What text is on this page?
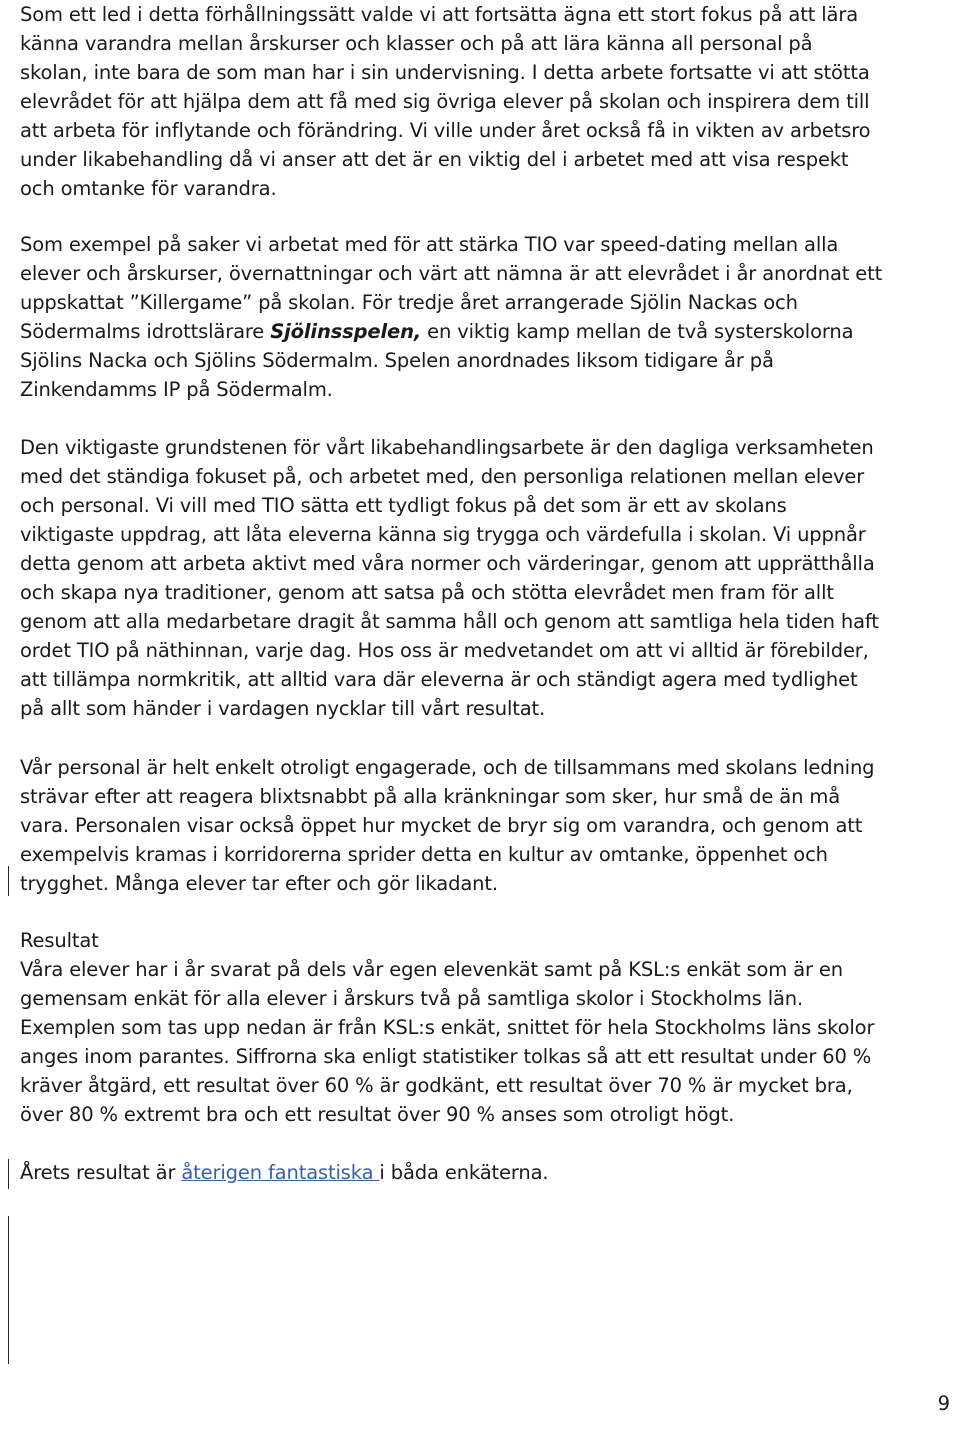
Som ett led i detta förhållningssätt valde vi att fortsätta ägna ett stort fokus på att lära
känna varandra mellan årskurser och klasser och på att lära känna all personal på
skolan, inte bara de som man har i sin undervisning. I detta arbete fortsatte vi att stötta
elevrådet för att hjälpa dem att få med sig övriga elever på skolan och inspirera dem till
att arbeta för inflytande och förändring. Vi ville under året också få in vikten av arbetsro
under likabehandling då vi anser att det är en viktig del i arbetet med att visa respekt
och omtanke för varandra.

Som exempel på saker vi arbetat med för att stärka TIO var speed-dating mellan alla
elever och årskurser, övernattningar och värt att nämna är att elevrådet i år anordnat ett
uppskattat ”Killergame” på skolan. För tredje året arrangerade Sjölin Nackas och
Södermalms idrottslärare Sjölinsspelen, en viktig kamp mellan de två systerskolorna
Sjölins Nacka och Sjölins Södermalm. Spelen anordnades liksom tidigare år på
Zinkendamms IP på Södermalm.

Den viktigaste grundstenen för vårt likabehandlingsarbete är den dagliga verksamheten
med det ständiga fokuset på, och arbetet med, den personliga relationen mellan elever
och personal. Vi vill med TIO sätta ett tydligt fokus på det som är ett av skolans
viktigaste uppdrag, att låta eleverna känna sig trygga och värdefulla i skolan. Vi uppnår
detta genom att arbeta aktivt med våra normer och värderingar, genom att upprätthålla
och skapa nya traditioner, genom att satsa på och stötta elevrådet men fram för allt
genom att alla medarbetare dragit åt samma håll och genom att samtliga hela tiden haft
ordet TIO på näthinnan, varje dag. Hos oss är medvetandet om att vi alltid är förebilder,
att tillämpa normkritik, att alltid vara där eleverna är och ständigt agera med tydlighet
på allt som händer i vardagen nycklar till vårt resultat.

Vår personal är helt enkelt otroligt engagerade, och de tillsammans med skolans ledning
strävar efter att reagera blixtsnabbt på alla kränkningar som sker, hur små de än må
vara. Personalen visar också öppet hur mycket de bryr sig om varandra, och genom att
exempelvis kramas i korridorerna sprider detta en kultur av omtanke, öppenhet och
trygghet. Många elever tar efter och gör likadant.

Resultat
Våra elever har i år svarat på dels vår egen elevenkät samt på KSL:s enkät som är en
gemensam enkät för alla elever i årskurs två på samtliga skolor i Stockholms län.
Exemplen som tas upp nedan är från KSL:s enkät, snittet för hela Stockholms läns skolor
anges inom parantes. Siffrorna ska enligt statistiker tolkas så att ett resultat under 60 %
kräver åtgärd, ett resultat över 60 % är godkänt, ett resultat över 70 % är mycket bra,
över 80 % extremt bra och ett resultat över 90 % anses som otroligt högt.

Årets resultat är återigen fantastiska i båda enkäterna.

9
